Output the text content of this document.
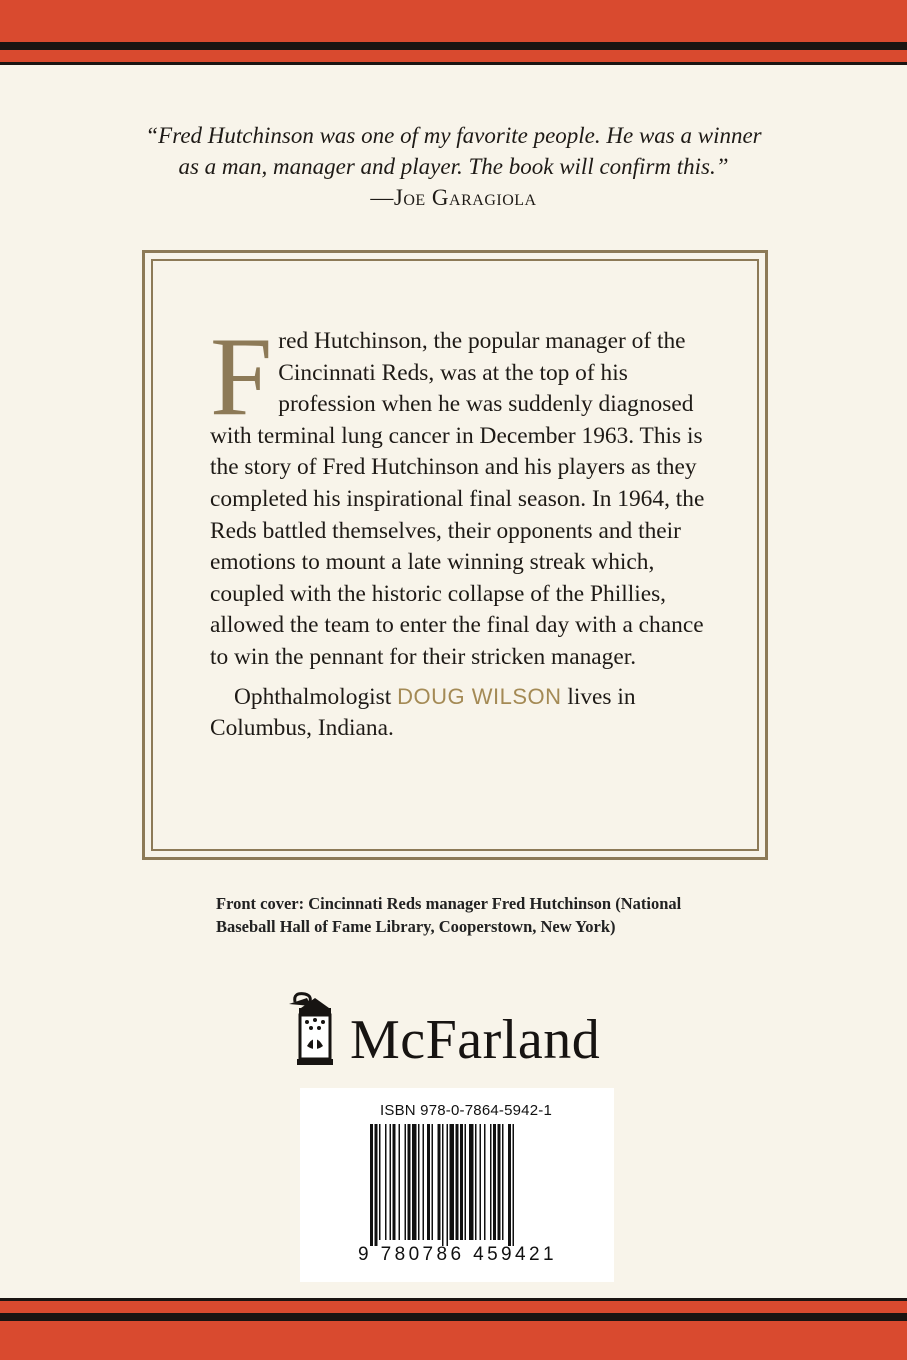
“Fred Hutchinson was one of my favorite people. He was a winner
as a man, manager and player. The book will confirm this.”
—Joe Garagiola

Fred Hutchinson, the popular manager of the Cincinnati Reds, was at the top of his profession when he was suddenly diagnosed with terminal lung cancer in December 1963. This is the story of Fred Hutchinson and his players as they completed his inspirational final season. In 1964, the Reds battled themselves, their opponents and their emotions to mount a late winning streak which, coupled with the historic collapse of the Phillies, allowed the team to enter the final day with a chance to win the pennant for their stricken manager.

Ophthalmologist DOUG WILSON lives in Columbus, Indiana.

Front cover: Cincinnati Reds manager Fred Hutchinson (National
Baseball Hall of Fame Library, Cooperstown, New York)
McFarland
ISBN 978-0-7864-5942-1
9 780786 459421
